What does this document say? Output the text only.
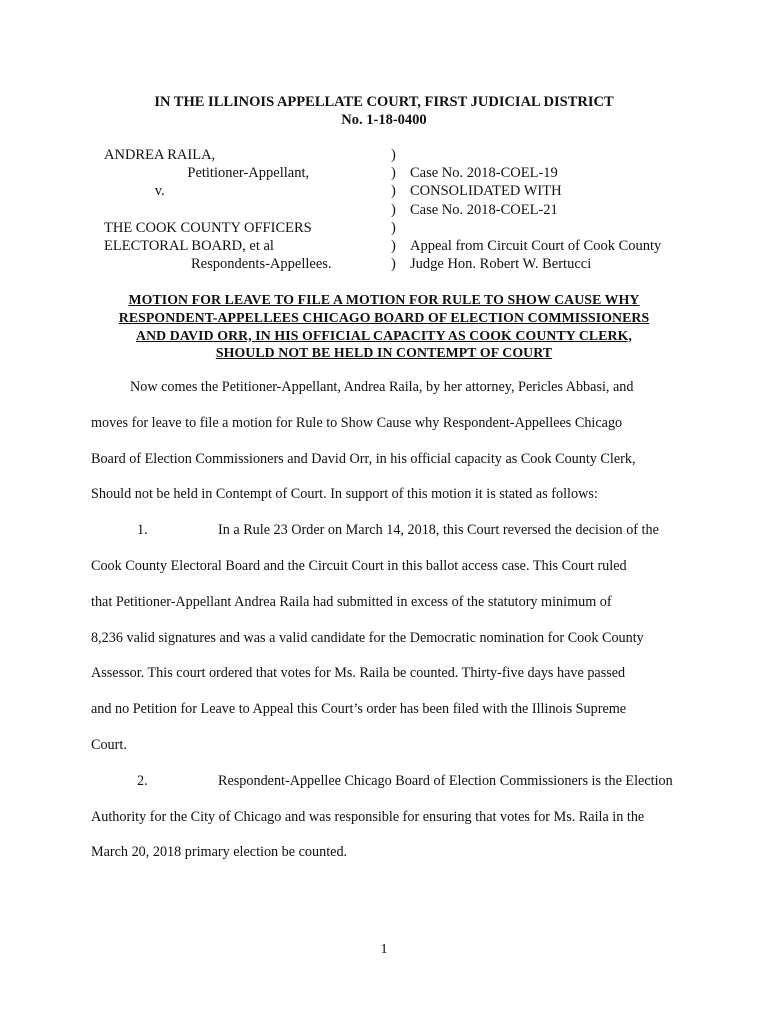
IN THE ILLINOIS APPELLATE COURT, FIRST JUDICIAL DISTRICT
No. 1-18-0400
ANDREA RAILA,
Petitioner-Appellant,
v.
THE COOK COUNTY OFFICERS
ELECTORAL BOARD, et al
Respondents-Appellees.
)
)
)
)
)
)
)
Case No. 2018-COEL-19
CONSOLIDATED WITH
Case No. 2018-COEL-21
Appeal from Circuit Court of Cook County
Judge Hon. Robert W. Bertucci
MOTION FOR LEAVE TO FILE A MOTION FOR RULE TO SHOW CAUSE WHY
RESPONDENT-APPELLEES CHICAGO BOARD OF ELECTION COMMISSIONERS
AND DAVID ORR, IN HIS OFFICIAL CAPACITY AS COOK COUNTY CLERK,
SHOULD NOT BE HELD IN CONTEMPT OF COURT
Now comes the Petitioner-Appellant, Andrea Raila, by her attorney, Pericles Abbasi, and
moves for leave to file a motion for Rule to Show Cause why Respondent-Appellees Chicago
Board of Election Commissioners and David Orr, in his official capacity as Cook County Clerk,
Should not be held in Contempt of Court. In support of this motion it is stated as follows:
1.	In a Rule 23 Order on March 14, 2018, this Court reversed the decision of the
Cook County Electoral Board and the Circuit Court in this ballot access case. This Court ruled
that Petitioner-Appellant Andrea Raila had submitted in excess of the statutory minimum of
8,236 valid signatures and was a valid candidate for the Democratic nomination for Cook County
Assessor. This court ordered that votes for Ms. Raila be counted. Thirty-five days have passed
and no Petition for Leave to Appeal this Court’s order has been filed with the Illinois Supreme
Court.
2.	Respondent-Appellee Chicago Board of Election Commissioners is the Election
Authority for the City of Chicago and was responsible for ensuring that votes for Ms. Raila in the
March 20, 2018 primary election be counted.
1
